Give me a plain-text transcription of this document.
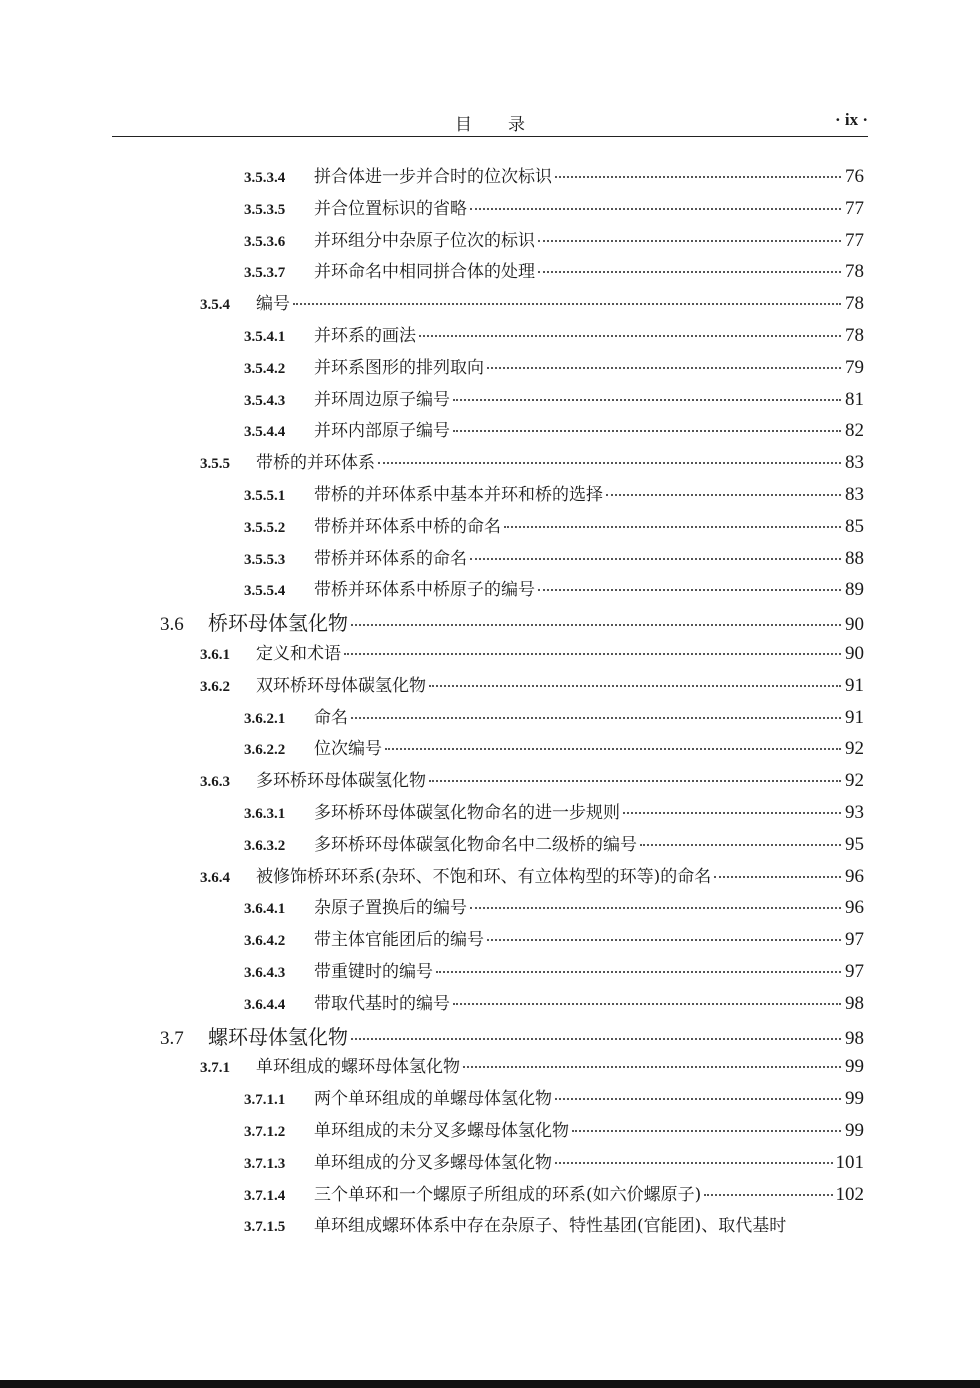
目录	· ix ·
3.5.3.4	拼合体进一步并合时的位次标识	76
3.5.3.5	并合位置标识的省略	77
3.5.3.6	并环组分中杂原子位次的标识	77
3.5.3.7	并环命名中相同拼合体的处理	78
3.5.4	编号	78
3.5.4.1	并环系的画法	78
3.5.4.2	并环系图形的排列取向	79
3.5.4.3	并环周边原子编号	81
3.5.4.4	并环内部原子编号	82
3.5.5	带桥的并环体系	83
3.5.5.1	带桥的并环体系中基本并环和桥的选择	83
3.5.5.2	带桥并环体系中桥的命名	85
3.5.5.3	带桥并环体系的命名	88
3.5.5.4	带桥并环体系中桥原子的编号	89
3.6	桥环母体氢化物	90
3.6.1	定义和术语	90
3.6.2	双环桥环母体碳氢化物	91
3.6.2.1	命名	91
3.6.2.2	位次编号	92
3.6.3	多环桥环母体碳氢化物	92
3.6.3.1	多环桥环母体碳氢化物命名的进一步规则	93
3.6.3.2	多环桥环母体碳氢化物命名中二级桥的编号	95
3.6.4	被修饰桥环环系(杂环、不饱和环、有立体构型的环等)的命名	96
3.6.4.1	杂原子置换后的编号	96
3.6.4.2	带主体官能团后的编号	97
3.6.4.3	带重键时的编号	97
3.6.4.4	带取代基时的编号	98
3.7	螺环母体氢化物	98
3.7.1	单环组成的螺环母体氢化物	99
3.7.1.1	两个单环组成的单螺母体氢化物	99
3.7.1.2	单环组成的未分叉多螺母体氢化物	99
3.7.1.3	单环组成的分叉多螺母体氢化物	101
3.7.1.4	三个单环和一个螺原子所组成的环系(如六价螺原子)	102
3.7.1.5	单环组成螺环体系中存在杂原子、特性基团(官能团)、取代基时
